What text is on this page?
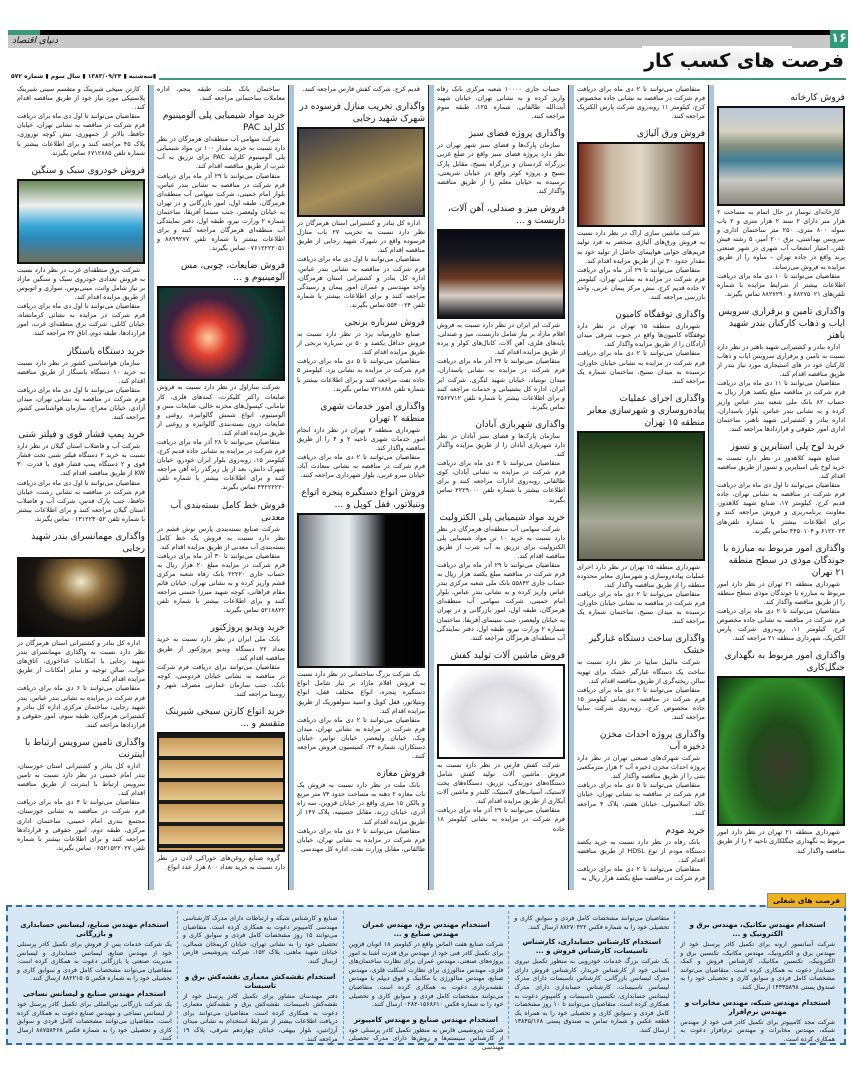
دنیای اقتصاد	۱۶
فرصت های کسب کار
▮سه‌شنبه ▮ ۱۳۸۳/۰۹/۲۴ ▮ سال سوم ▮ شماره ۵۷۲
فروش کارخانه

کارخانه‌ای نوساز در حال اتمام به مساحت ۲ هزار متر دارای ۲ سند ۲ هزار متری و ۲ باب سوله ۸۰۰ متری، ۲۵۰ متر ساختمان اداری و سرویس بهداشتی، برق ۲۰۰ آمپر، ۵ رشته فیش تلفن، امتیاز انشعاب آب شهری در شهر صنعتی پرند واقع در جاده تهران - ساوه را از طریق مزایده به فروش می‌رساند.

متقاضیان می‌توانند تا ۱۰ دی ماه برای دریافت اطلاعات بیشتر از شرایط مزایده با شماره تلفن‌های ۸۸۲۷۵۰۲۱ و ۸۸۲۷۲۹۰ تماس بگیرند.

واگذاری تامین و برقراری سرویس ایاب و ذهاب کارکنان بندر شهید باهنر

اداره بنادر و کشتیرانی شهید باهنر در نظر دارد نسبت به تامین و برقراری سرویس ایاب و ذهاب کارکنان خود در های استیجاری مورد نیاز بندر از طریق مناقصه اقدام کند.

متقاضیان می‌توانند تا ۱۱ دی ماه برای دریافت فرم شرکت در مناقصه مبلغ یکصد هزار ریال به حساب ۸۲ بانک ملی شعبه بندر عباس واریز کرده و به نشانی بندر عباس، بلوار پاسداران، اداره بنادر و کشتیرانی شهید باهنر، ساختمان اداری امور حقوقی و قراردادها مراجعه کنند.

خرید لوح پلی استایرین و نسوز

صنایع شهید کلاهدوز در نظر دارد نسبت به خرید لوح پلی استایرین و نسوز از طریق مناقصه اقدام کند.

متقاضیان می‌توانند تا اول دی ماه برای دریافت فرم شرکت در مناقصه به نشانی تهران، جاده قدیم کرج، کیلومتر ۱۷، صنایع شهید کلاهدوز، معاونت برنامه‌ریزی و فروش مراجعه کنند و برای اطلاعات بیشتر با شماره تلفن‌های ۶۱۲۲۰۲۳ و ۴۴۵۰۱۰۴ تماس بگیرند.

واگذاری امور مربوط به مبارزه با جوندگان موذی در سطح منطقه ۲۱ تهران

شهرداری منطقه ۲۱ تهران در نظر دارد امور مربوط به مبارزه با جوندگان موذی سطح منطقه را از طریق مناقصه واگذار کند.

متقاضیان می‌توانند تا ۲ دی ماه برای دریافت فرم شرکت در مناقصه به نشانی جاده مخصوص کرج، کیلومتر ۱۱، روبه‌روی شرکت پارس الکتریک، شهرداری منطقه ۲۱ مراجعه کنند.

واگذاری امور مربوط به نگهداری جنگل‌کاری

شهرداری منطقه ۲۱ تهران در نظر دارد امور مربوط به نگهداری جنگلکاری ناحیه ۲ را از طریق مناقصه واگذار کند.

متقاضیان می‌توانند تا ۲ دی ماه برای دریافت فرم شرکت در مناقصه به نشانی جاده مخصوص کرج، کیلومتر ۱۱ روبه‌روی شرکت پارس الکتریک مراجعه کنند.

فروش ورق آلیاژی

شرکت ماشین سازی اراک در نظر دارد نسبت به فروش ورق‌های آلیاژی منحصر به فرد تولید فریم‌های خوابی هواپیمای حاصل از تولید خود به مقدار حدود ۳۰ تن از طریق مزایده اقدام کند.

متقاضیان می‌توانند تا ۲۹ آذر ماه برای دریافت فرم شرکت در مزایده به نشانی تهران، کیلومتر ۷ جاده قدیم کرج، نبش مرکز پیمان عربی، واحد بازرسی مراجعه کنند.

واگذاری توقفگاه کامیون

شهرداری منطقه ۱۵ تهران در نظر دارد توقفگاه کامیون‌ها واقع در جنوب شرقی میدان آزادگان را از طریق مزایده واگذار کند.

متقاضیان می‌توانند تا ۲ دی ماه برای دریافت فرم شرکت در مزایده به نشانی خیابان خاوران، نرسیده به میدان بسیج، ساختمان شماره یک مراجعه کنند.

واگذاری اجرای عملیات پیاده‌روسازی و شهرسازی معابر منطقه ۱۵ تهران

شهرداری منطقه ۱۵ تهران در نظر دارد اجرای عملیات پیاده‌روسازی و شهرسازی معابر محدوده منطقه را از طریق مناقصه واگذار کند.

متقاضیان می‌توانند تا ۲ دی ماه برای دریافت فرم شرکت در مناقصه به نشانی خیابان خاوران، نرسیده به میدان بسیج، ساختمان شماره یک مراجعه کنند.

واگذاری ساخت دستگاه غبارگیر خشک

شرکت مالیبل سایپا در نظر دارد نسبت به ساخت یک دستگاه غبارگیر خشک برای تهویه سالن ریخته‌گری از طریق مناقصه اقدام کند.

متقاضیان می‌توانند تا ۲ دی ماه برای دریافت فرم شرکت در مناقصه به نشانی کیلومتر ۱۵ جاده مخصوص کرج، روبه‌روی شرکت سایپا مراجعه کنند.

واگذاری پروژه احداث مخزن ذخیره آب

شرکت شهرک‌های صنعتی تهران در نظر دارد پروژه احداث مخزن ذخیره آب ۲ هزار مترمکعبی بتنی را از طریق مناقصه واگذار کند.

متقاضیان می‌توانند تا ۵ دی ماه برای دریافت فرم شرکت در مناقصه به نشانی تهران، خیابان خالد اسلامبولی، خیابان هفتم، پلاک ۴ مراجعه کنند.

خرید مودم

بانک رفاه در نظر دارد نسبت به خرید یکصد دستگاه مودم از نوع HDSL از طریق مناقصه اقدام کند.

متقاضیان می‌توانند تا ۲ دی ماه برای دریافت فرم شرکت در مناقصه مبلغ یکصد هزار ریال به

حساب جاری ۱۰۰۰۰ شعبه مرکزی بانک رفاه واریز کرده و به نشانی تهران، خیابان شهید آیت‌الله طالقانی، شماره ۱۲۵، طبقه سوم مراجعه کنند.

واگذاری پروژه فضای سبز

سازمان پارک‌ها و فضای سبز شهر تهران در نظر دارد پروژه فضای سبز واقع در ضلع غربی بزرگراه کردستان و بزرگراه بسیج، مقابل پارک بسیج و پروژه کوثر واقع در خیابان شریعتی، نرسیده به خیابان معلم را از طریق مناقصه واگذار کند.

فروش میز و صندلی، آهن آلات، داربست و ...

شرکت ایر ایران در نظر دارد نسبت به فروش اقلام مازاد بر نیاز شامل داربست، میز و صندلی، پایه‌های فلزی، آهن آلات، کانال‌های کولر و پرده از طریق مزایده اقدام کند.

متقاضیان می‌توانند تا ۲۴ آذر ماه برای دریافت فرم شرکت در مزایده به نشانی پاسداران، میدان نوبنیاد، خیابان شهید لنگری، شرکت ایر ایران، اداره کل پشتیبانی و خدمات مراجعه کنند و برای اطلاعات بیشتر با شماره تلفن ۲۵۶۲۷۱۲ تماس بگیرند.

واگذاری شهربازی آبادان

سازمان پارک‌ها و فضای سبز آبادان در نظر دارد شهربازی آبادان را از طریق مزایده واگذار کند.

متقاضیان می‌توانند تا ۳ دی ماه برای دریافت فرم شرکت در مزایده به نشانی آبادان، کوی طالقانی روبه‌روی ادارات مراجعه کنند و برای اطلاعات بیشتر با شماره تلفن ۲۲۲۹۰۰۰ تماس بگیرند.

خرید مواد شیمیایی پلی الکترولیت

شرکت سهامی آب منطقه‌ای هرمزگان در نظر دارد نسبت به خرید ۱۰ تن مواد شیمیایی پلی الکترولیت برای تزریق به آب شرب از طریق مناقصه اقدام کند.

متقاضیان می‌توانند تا ۲۹ آذر ماه برای دریافت فرم شرکت در مناقصه مبلغ یکصد هزار ریال به حساب جاری ۵۵۸۴۲ بانک ملی شعبه مرکزی بندر عباس واریز کرده و به نشانی بندر عباس، بلوار امام خمینی، شرکت سهامی آب منطقه‌ای هرمزگان، طبقه اول، امور بازرگانی و در تهران به خیابان ولیعصر، جنب سینمای آفریقا، ساختمان شماره ۲ وزارت نیرو، طبقه اول، دفتر نمایندگی آب منطقه‌ای هرمزگان مراجعه کنند.

فروش ماشین آلات تولید کفش

شرکت کفش فارس در نظر دارد نسبت به فروش ماشین آلات تولید کفش شامل دستگاه‌های دوزندگی، تزریق، دستگاه‌های پخت لاستیک، آسیاب‌های لاستیک، کلندر و ماشین آلات آبکاری از طریق مزایده اقدام کند.

متقاضیان می‌توانند تا ۲۹ آذر ماه برای دریافت فرم شرکت در مزایده به نشانی کیلومتر ۱۸ جاده

قدیم کرج، شرکت کفش فارس مراجعه کنند.

واگذاری تخریب منازل فرسوده در شهرک شهید رجایی

اداره کل بنادر و کشتیرانی استان هرمزگان در نظر دارد نسبت به تخریب ۲۷ باب منازل فرسوده واقع در شهرک شهید رجایی از طریق مناقصه اقدام کند.

متقاضیان می‌توانند تا اول دی ماه برای دریافت فرم شرکت در مناقصه به نشانی بندر عباس، اداره کل بنادر و کشتیرانی استان هرمزگان، واحد مهندسی و عمران امور پیمان و رسیدگی مراجعه کنند و برای اطلاعات بیشتر با شماره تلفن ۵۵۴۰۰۲۴ تماس بگیرند.

فروش سرباره برنجی

صنایع خاورمیانه یزد در نظر دارد نسبت به فروش حداقل یکصد و ۵۰ تن سرباره برنجی از طریق مزایده اقدام کند.

متقاضیان می‌توانند تا ۵ دی ماه برای دریافت فرم شرکت در مزایده به نشانی یزد، کیلومتر ۵ جاده تفت مراجعه کنند و برای اطلاعات بیشتر با شماره تلفن ۷۲۱۸۸۸ تماس بگیرند.

واگذاری امور خدمات شهری منطقه ۲ تهران

شهرداری منطقه ۲ تهران در نظر دارد انجام امور خدمات شهری ناحیه ۲ و ۴ را از طریق مناقصه واگذار کند.

متقاضیان می‌توانند تا ۲ دی ماه برای دریافت فرم شرکت در مناقصه به نشانی سعادت آباد، خیابان سرو غربی، بلوار شهرداری مراجعه کنند.

فروش انواع دستگیره پنجره انواع ونتیلاتور، قفل کوپل و ...

یک شرکت بزرگ ساختمانی در نظر دارد نسبت به فروش اقلام مازاد بر نیاز شامل انواع دستگیره پنجره، انواع مختلف قفل، انواع ونتیلاتور، قفل کوپل و اسید سولفوریک از طریق مزایده اقدام کند.

متقاضیان می‌توانند تا ۲ دی ماه برای دریافت فرم شرکت در مزایده به نشانی تهران، میدان ونک، خیابان ولیعصر، خیابان توانیر، خیابان دستکاران، شماره ۲۴، کمیسیون فروش مراجعه کنند.

فروش مغازه

بانک ملت در نظر دارد نسبت به فروش یک باب مغازه ۲ دهنه به مساحت حدود ۷۴ متر مربع و بالکن ۱۵ متری واقع در خیابان قزوین، سه راه آذری، خیابان زرند، مقابل حسینیه، پلاک ۱۴۷ از طریق مزایده اقدام کند.

متقاضیان می‌توانند تا ۲ دی ماه برای دریافت فرم شرکت در مزایده به نشانی تهران، خیابان طالقانی، مقابل وزارت نفت، اداره کل مهندسی

ساختمان بانک ملت، طبقه پنجم، اداره معاملات ساختمانی مراجعه کنند.

خرید مواد شیمیایی پلی آلومینیوم کلراید PAC

شرکت سهامی آب منطقه‌ای هرمزگان در نظر دارد نسبت به خرید مقدار ۱۰۰ تن مواد شیمیایی پلی آلومینیوم کلراید PAC برای تزریق به آب شرب از طریق مناقصه اقدام کند.

متقاضیان می‌توانند تا ۲۹ آذر ماه برای دریافت فرم شرکت در مناقصه به نشانی بندر عباس، بلوار امام خمینی، شرکت سهامی آب منطقه‌ای هرمزگان، طبقه اول، امور بازرگانی و در تهران به خیابان ولیعصر، جنب سینما آفریقا، ساختمان شماره ۲ وزارت نیرو، طبقه اول، دفتر نمایندگی آب منطقه‌ای هرمزگان مراجعه کنند و برای اطلاعات بیشتر با شماره تلفن ۸۸۹۹۲۷۷ و ۰۷۶۱۲۲۲۲۰۵۱ تماس بگیرند.

فروش ضایعات، چوبی، مس آلومینیوم و ...

شرکت ساراول در نظر دارد نسبت به فروش ضایعات راکتر کلیکرت، کمدهای فلزی، کار تیامانی، کپسول‌های مخزنه خالی، ضایعات مس و آلومینیوم، انواع شمش گالوانیزه، روغنی و ضایعات درون بسته‌بندی گالوانیزه و روغنی از طریق مزایده اقدام کند.

متقاضیان می‌توانند تا ۲۸ آذر ماه برای دریافت فرم شرکت در مزایده به نشانی جاده قدیم کرج، کیلومتر ۱۵، روبه‌روی بلوار ایران خودرو، خیابان شهرک دانش، بعد از پل زیرگذر راه آهن مراجعه کنند و برای اطلاعات بیشتر با شماره تلفن ۴۴۲۲۲۲۲۰ تماس بگیرند.

فروش خط کامل بسته‌بندی آب معدنی

شرکت صنایع بسته‌بندی پارس نوش قشم در نظر دارد نسبت به فروش یک خط کامل بسته‌بندی آب معدنی از طریق مزایده اقدام کند.

متقاضیان می‌توانند تا ۳۰ آذر ماه برای دریافت فرم شرکت در مزایده مبلغ ۲۰ هزار ریال به حساب جاری ۲۲۲۲۰ بانک رفاه شعبه مرکزی قشم واریز کرده و به نشانی تهران، خیابان قائم مقام فراهانی، کوچه شهید میرزا حسنی مراجعه کنند و برای اطلاعات بیشتر با شماره تلفن ۵۲۱۸۸۲۲ تماس بگیرند.

خرید ویدیو پروژکتور

بانک ملی ایران در نظر دارد نسبت به خرید تعداد ۲۲ دستگاه ویدیو پروژکتور از طریق مناقصه اقدام کند.

متقاضیان می‌توانند برای دریافت فرم شرکت در مناقصه به نشانی خیابان فردوسی، کوچه بانک، جنب سازمان عمارتی مصرف شهر و روستا مراجعه کنند.

خرید انواع کارتن سیخی شیرینک متقسم و ...

گروه صنایع روغن‌های خوراکی لادن در نظر دارد نسبت به خرید تعداد ۸۰۰ هزار عدد انواع

کارتن سیخی شیرینک و متقسم سینی شیرینک پلاستیکی مورد نیاز خود از طریق مناقصه اقدام کند.

متقاضیان می‌توانند تا اول دی ماه برای دریافت فرم شرکت در مناقصه به نشانی تهران، خیابان حافظ، بالاتر از جمهوری، نبش کوچه نوروزی، پلاک ۴۵ مراجعه کنند و برای اطلاعات بیشتر با شماره تلفن ۶۷۱۲۸۸۵ تماس بگیرند.

فروش خودروی سبک و سنگین

شرکت برق منطقه‌ای غرب در نظر دارد نسبت به فروش تعدادی خودروی سبک و سنگین مازاد بر نیاز شامل وانت، مینی‌بوس، سواری و اتوبوس از طریق مزایده اقدام کند.

متقاضیان می‌توانند تا اول دی ماه برای دریافت فرم شرکت در مزایده به نشانی کرمانشاه، خیابان کابلی، شرکت برق منطقه‌ای غرب، امور قراردادها، طبقه دوم، اتاق ۲۲ مراجعه کنند.

خرید دستگاه باسنگار

سازمان هواشناسی کشور در نظر دارد نسبت به خرید ۱۰ دستگاه باسنگار از طریق مناقصه اقدام کند.

متقاضیان می‌توانند تا اول دی ماه برای دریافت فرم شرکت در مناقصه به نشانی تهران، میدان آزادی، خیابان معراج، سازمان هواشناسی کشور مراجعه کنند.

خرید پمپ فشار قوی و فیلتر شنی

شرکت آب و فاضلاب استان گیلان در نظر دارد نسبت به خرید ۲ دستگاه فیلتر شنی تحت فشار قوی و ۲ دستگاه پمپ فشار قوی با قدرت ۳۰ KW از طریق مناقصه اقدام کند.

متقاضیان می‌توانند تا اول دی ماه برای دریافت فرم شرکت در مناقصه به نشانی رشت، خیابان حافظ، جنب پارک قدس، شرکت آب و فاضلاب استان گیلان مراجعه کنند و برای اطلاعات بیشتر با شماره تلفن ۰۱۳۱۲۲۴۰۵۲ تماس بگیرند.

واگذاری مهمانسرای بندر شهید رجایی

اداره کل بنادر و کشتیرانی استان هرمزگان در نظر دارد نسبت به واگذاری مهمانسرای بندر شهید رجایی با امکانات غذاخوری، اتاق‌های خواب، سالن توجیه و سایر امکانات از طریق مزایده اقدام کند.

متقاضیان می‌توانند تا ۶ دی ماه برای دریافت فرم شرکت در مزایده به نشانی بندر عباس، بندر شهید رجایی، ساختمان مرکزی اداره کل بنادر و کشتیرانی هرمزگان، طبقه سوم، امور حقوقی و قراردادها مراجعه کنند.

واگذاری تامین سرویس ارتباط با اینترنت

اداره کل بنادر و کشتیرانی استان خوزستان، بندر امام خمینی در نظر دارد نسبت به تامین سرویس ارتباط با اینترنت از طریق مناقصه اقدام کند.

متقاضیان می‌توانند تا ۴ دی ماه برای دریافت فرم شرکت در مناقصه به نشانی خوزستان، مجتمع بندری امام خمینی، ساختمان اداری مرکزی، طبقه دوم، امور حقوقی و قراردادها مراجعه کنند و برای اطلاعات بیشتر با شماره تلفن ۰۶۵۲۱۵۲۲۰۲۷ تماس بگیرند.

فرصت های شغلی
استخدام مهندس مکانیک، مهندس برق و الکترونیک و ...

شرکت آسانسور ارونه برای تکمیل کادر پرسنل خود از مهندس برق و الکترونیک، مهندس مکانیک، تکنسین برق و الکترونیک، تکنسین مکانیک، کارشناس فروش و کمک حسابدار دعوت به همکاری کرده است. متقاضیان می‌توانند مشخصات کامل فردی و سوابق کاری و تحصیلی خود را به صندوق پستی ۱۴۳۳۵۸۹۸ ارسال کنند.

استخدام مهندس شبکه، مهندس مخابرات و مهندس نرم‌افزار

شرکت مجد کامپیوتر برای تکمیل کادر فنی خود از مهندس شبکه، مهندس مخابرات و مهندس نرم‌افزار دعوت به همکاری کرده است.

متقاضیان می‌توانند مشخصات کامل فردی و سوابق کاری و تحصیلی خود را به شماره فکس ۸۸۲۷۰۴۲۲ ارسال کنند.

استخدام کارشناس حسابداری، کارشناس تاسیسات، کارشناس فروش و ...

یک شرکت بزرگ خدمات خودرویی به منظور تکمیل نیروی انسانی خود از کارشناس خریدار، کارشناس فروش دارای مدرک لیسانس بازرگانی، کارشناس تاسیسات دارای مدرک لیسانس تاسیسات، کارشناس حسابداری دارای مدرک لیسانس حسابداری، تکنسین تاسیسات و کامپیوتر دعوت به همکاری کرده است. متقاضیان می‌توانند تا ۱۰ روز مشخصات کامل فردی و سوابق کاری و تحصیلی خود را به همراه یک قطعه عکس و شماره تماس به صندوق پستی ۱۳۸۴۵/۱۶۸ ارسال کنند.

استخدام مهندس برق، مهندس عمران مهندس صنایع و ...

شرکت صنایع هفت الماس واقع در کیلومتر ۱۸ اتوبان قزوین برای تکمیل کادر فنی خود از مهندس برق قدرت آشنا به امور پروژه‌های صنعتی، مهندس عمران برای نظارت ساختمان‌های فلزی، مهندس متالورژی برای نظارت اسکلت فلزی، مهندس صنایع، مهندس متالورژی یا مکانیک و فوق دیپلم یا مهندس نقشه‌برداری دعوت به همکاری کرده است. متقاضیان می‌توانند مشخصات کامل فردی و سوابق کاری و تحصیلی خود را به شماره فکس ۱۵۶۸۶۱۰-۰۲۸۲ ارسال کنند.

استخدام مهندس صنایع و مهندس کامپیوتر

شرکت پتروشیمی فارس به منظور تکمیل کادر پرسنلی خود از کارشناس سیستم‌ها و روش‌ها دارای مدرک تحصیلی مهندسی

صنایع و کارشناس شبکه و ارتباطات دارای مدرک کارشناسی مهندسی کامپیوتر دعوت به همکاری کرده است. متقاضیان می‌توانند ۱۵ روز مشخصات کامل فردی و سوابق کاری و تحصیلی خود را به نشانی تهران، خیابان کریمخان شمالی، خیابان شهید ماهنی، پلاک ۱۵۲، شرکت پتروشیمی فارس ارسال کنند.

استخدام نقشه‌کش معماری نقشه‌کش برق و تاسیسات

دفتر مهندسان مشاور برای تکمیل کادر پرسنل خود از نقشه‌کش تاسیسات، نقشه‌کش برق و نقشه‌کش معماری دعوت به همکاری کرده است. متقاضیان می‌توانند برای دریافت اطلاعات بیشتر از شرایط استخدام به نشانی میدان آرژانتین، بلوار بیهقی، خیابان چهاردهم شرقی، پلاک ۱۹ مراجعه کنند.

استخدام مهندس صنایع، لیسانس حسابداری و بازرگانی

یک شرکت خدمات پس از فروش برای تکمیل کادر پرسنلی خود از مهندس صنایع، لیسانس حسابداری و لیسانس مدیریت صنعتی یا بازرگانی دعوت به همکاری کرده است. متقاضیان می‌توانند مشخصات کامل فردی و سوابق کاری و تحصیلی خود را به شماره فکس ۸۸۲۲۱۵۰۵ ارسال کنند.

استخدام مهندس صنایع و لیسانس نساجی

یک شرکت بازرگانی بین‌المللی برای تکمیل کادر پرسنل خود از لیسانس نساجی و مهندس صنایع دعوت به همکاری کرده است. متقاضیان می‌توانند مشخصات کامل فردی و سوابق کاری و تحصیلی خود را به شماره فکس ۸۸۷۵۸۴۶۸ ارسال کنند.
